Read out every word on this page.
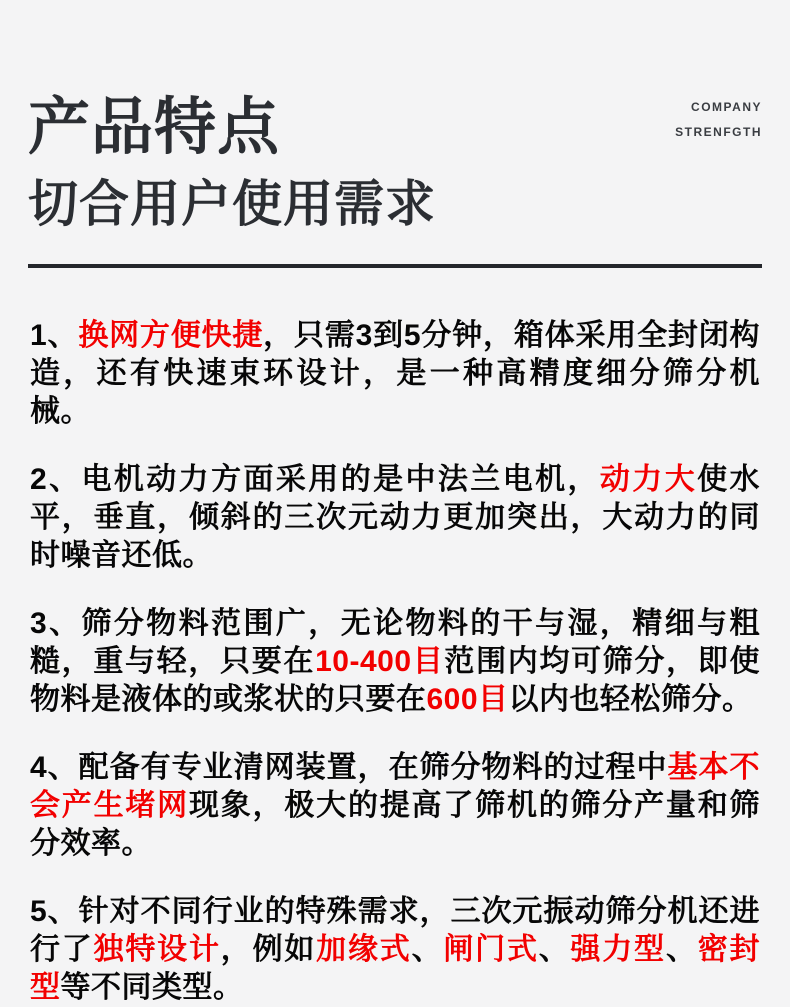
COMPANY
STRENFGTH
产品特点
切合用户使用需求

1、换网方便快捷，只需3到5分钟，箱体采用全封闭构造，还有快速束环设计，是一种高精度细分筛分机械。

2、电机动力方面采用的是中法兰电机，动力大使水平，垂直，倾斜的三次元动力更加突出，大动力的同时噪音还低。

3、筛分物料范围广，无论物料的干与湿，精细与粗糙，重与轻，只要在10-400目范围内均可筛分，即使物料是液体的或浆状的只要在600目以内也轻松筛分。

4、配备有专业清网装置，在筛分物料的过程中基本不会产生堵网现象，极大的提高了筛机的筛分产量和筛分效率。

5、针对不同行业的特殊需求，三次元振动筛分机还进行了独特设计，例如加缘式、闸门式、强力型、密封型等不同类型。
